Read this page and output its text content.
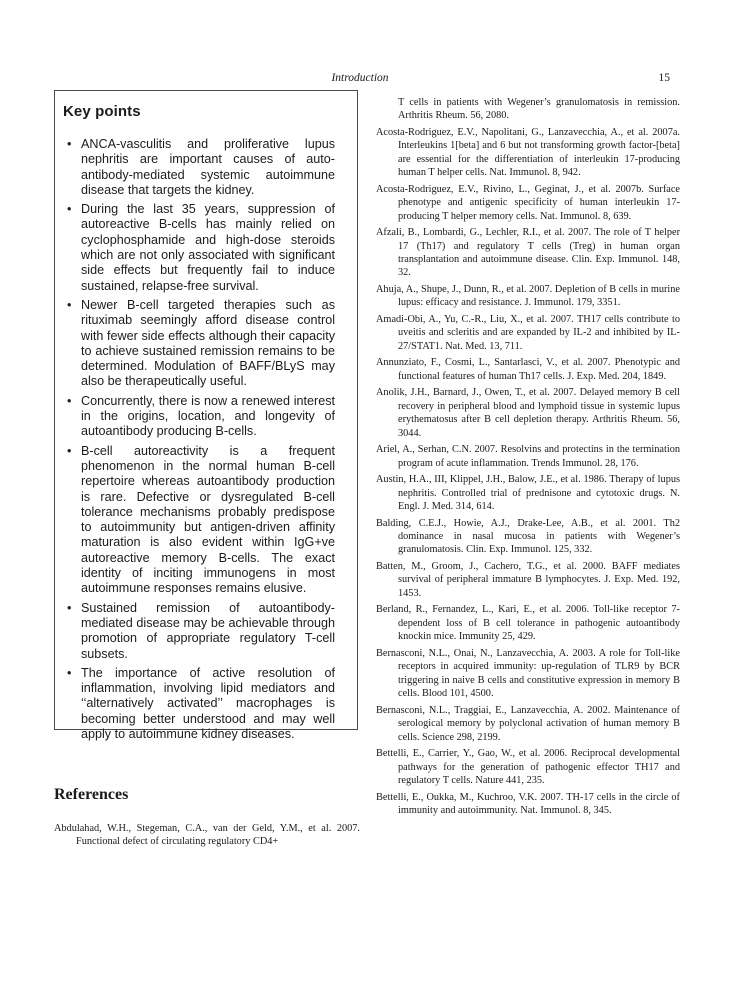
Introduction	15
Key points
• ANCA-vasculitis and proliferative lupus nephritis are important causes of auto-antibody-mediated systemic autoimmune disease that targets the kidney.
• During the last 35 years, suppression of autoreactive B-cells has mainly relied on cyclophosphamide and high-dose steroids which are not only associated with significant side effects but frequently fail to induce sustained, relapse-free survival.
• Newer B-cell targeted therapies such as rituximab seemingly afford disease control with fewer side effects although their capacity to achieve sustained remission remains to be determined. Modulation of BAFF/BLyS may also be therapeutically useful.
• Concurrently, there is now a renewed interest in the origins, location, and longevity of autoantibody producing B-cells.
• B-cell autoreactivity is a frequent phenomenon in the normal human B-cell repertoire whereas autoantibody production is rare. Defective or dysregulated B-cell tolerance mechanisms probably predispose to autoimmunity but antigen-driven affinity maturation is also evident within IgG+ve autoreactive memory B-cells. The exact identity of inciting immunogens in most autoimmune responses remains elusive.
• Sustained remission of autoantibody-mediated disease may be achievable through promotion of appropriate regulatory T-cell subsets.
• The importance of active resolution of inflammation, involving lipid mediators and ‘‘alternatively activated’’ macrophages is becoming better understood and may well apply to autoimmune kidney diseases.
References

Abdulahad, W.H., Stegeman, C.A., van der Geld, Y.M., et al. 2007. Functional defect of circulating regulatory CD4+

T cells in patients with Wegener’s granulomatosis in remission. Arthritis Rheum. 56, 2080.

Acosta-Rodriguez, E.V., Napolitani, G., Lanzavecchia, A., et al. 2007a. Interleukins 1[beta] and 6 but not transforming growth factor-[beta] are essential for the differentiation of interleukin 17-producing human T helper cells. Nat. Immunol. 8, 942.

Acosta-Rodriguez, E.V., Rivino, L., Geginat, J., et al. 2007b. Surface phenotype and antigenic specificity of human interleukin 17-producing T helper memory cells. Nat. Immunol. 8, 639.

Afzali, B., Lombardi, G., Lechler, R.I., et al. 2007. The role of T helper 17 (Th17) and regulatory T cells (Treg) in human organ transplantation and autoimmune disease. Clin. Exp. Immunol. 148, 32.

Ahuja, A., Shupe, J., Dunn, R., et al. 2007. Depletion of B cells in murine lupus: efficacy and resistance. J. Immunol. 179, 3351.

Amadi-Obi, A., Yu, C.-R., Liu, X., et al. 2007. TH17 cells contribute to uveitis and scleritis and are expanded by IL-2 and inhibited by IL-27/STAT1. Nat. Med. 13, 711.

Annunziato, F., Cosmi, L., Santarlasci, V., et al. 2007. Phenotypic and functional features of human Th17 cells. J. Exp. Med. 204, 1849.

Anolik, J.H., Barnard, J., Owen, T., et al. 2007. Delayed memory B cell recovery in peripheral blood and lymphoid tissue in systemic lupus erythematosus after B cell depletion therapy. Arthritis Rheum. 56, 3044.

Ariel, A., Serhan, C.N. 2007. Resolvins and protectins in the termination program of acute inflammation. Trends Immunol. 28, 176.

Austin, H.A., III, Klippel, J.H., Balow, J.E., et al. 1986. Therapy of lupus nephritis. Controlled trial of prednisone and cytotoxic drugs. N. Engl. J. Med. 314, 614.

Balding, C.E.J., Howie, A.J., Drake-Lee, A.B., et al. 2001. Th2 dominance in nasal mucosa in patients with Wegener’s granulomatosis. Clin. Exp. Immunol. 125, 332.

Batten, M., Groom, J., Cachero, T.G., et al. 2000. BAFF mediates survival of peripheral immature B lymphocytes. J. Exp. Med. 192, 1453.

Berland, R., Fernandez, L., Kari, E., et al. 2006. Toll-like receptor 7-dependent loss of B cell tolerance in pathogenic autoantibody knockin mice. Immunity 25, 429.

Bernasconi, N.L., Onai, N., Lanzavecchia, A. 2003. A role for Toll-like receptors in acquired immunity: up-regulation of TLR9 by BCR triggering in naive B cells and constitutive expression in memory B cells. Blood 101, 4500.

Bernasconi, N.L., Traggiai, E., Lanzavecchia, A. 2002. Maintenance of serological memory by polyclonal activation of human memory B cells. Science 298, 2199.

Bettelli, E., Carrier, Y., Gao, W., et al. 2006. Reciprocal developmental pathways for the generation of pathogenic effector TH17 and regulatory T cells. Nature 441, 235.

Bettelli, E., Oukka, M., Kuchroo, V.K. 2007. TH-17 cells in the circle of immunity and autoimmunity. Nat. Immunol. 8, 345.
